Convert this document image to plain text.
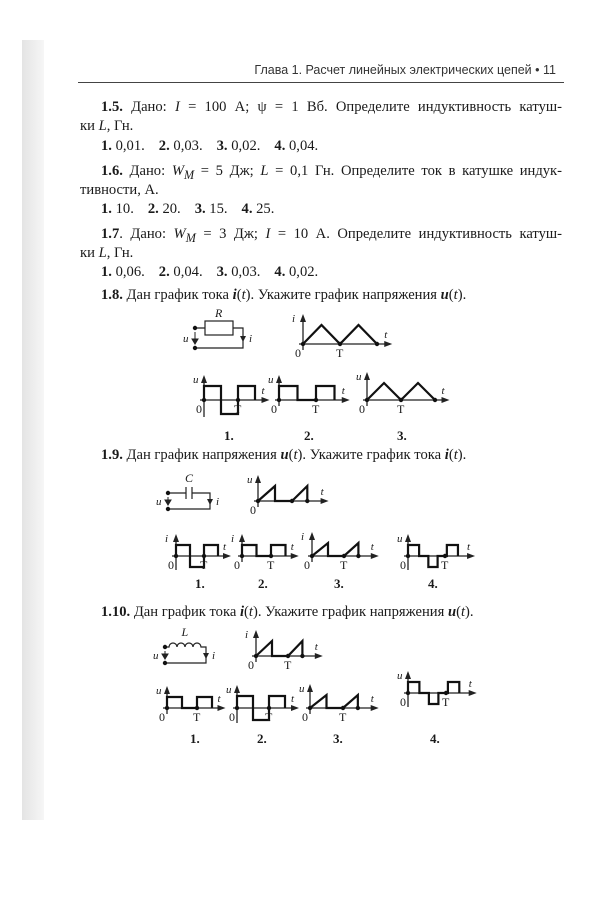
Глава 1. Расчет линейных электрических цепей • 11
1.5. Дано: I = 100 А; ψ = 1 Вб. Определите индуктивность катуш-
ки L, Гн.
1. 0,01. 2. 0,03. 3. 0,02. 4. 0,04.
1.6. Дано: $W_M = 5$ Дж; L = 0,1 Гн. Определите ток в катушке индук-
тивности, А.
1. 10. 2. 20. 3. 15. 4. 25.
1.7. Дано: $W_M = 3$ Дж; I = 10 А. Определите индуктивность катуш-
ки L, Гн.
1. 0,06. 2. 0,04. 3. 0,03. 4. 0,02.
1.8. Дан график тока i(t). Укажите график напряжения u(t).
1.9. Дан график напряжения u(t). Укажите график тока i(t).
1.10. Дан график тока i(t). Укажите график напряжения u(t).
u	i
R	i
t
0	T
u
t
0	T
1.
u
t
0	T
2.
u
t
0	T
3.
u	i
C	u
t
0
i
t
0 T
1.
i
t
0 T
2.
i
t
0	T
3.
u
t
0	T
4.
u	i
L	i
t
0	T
u
t
0 T
1.
u
t
0	T
2.
u
t
0	T
3.
u
t
0	T
4.
